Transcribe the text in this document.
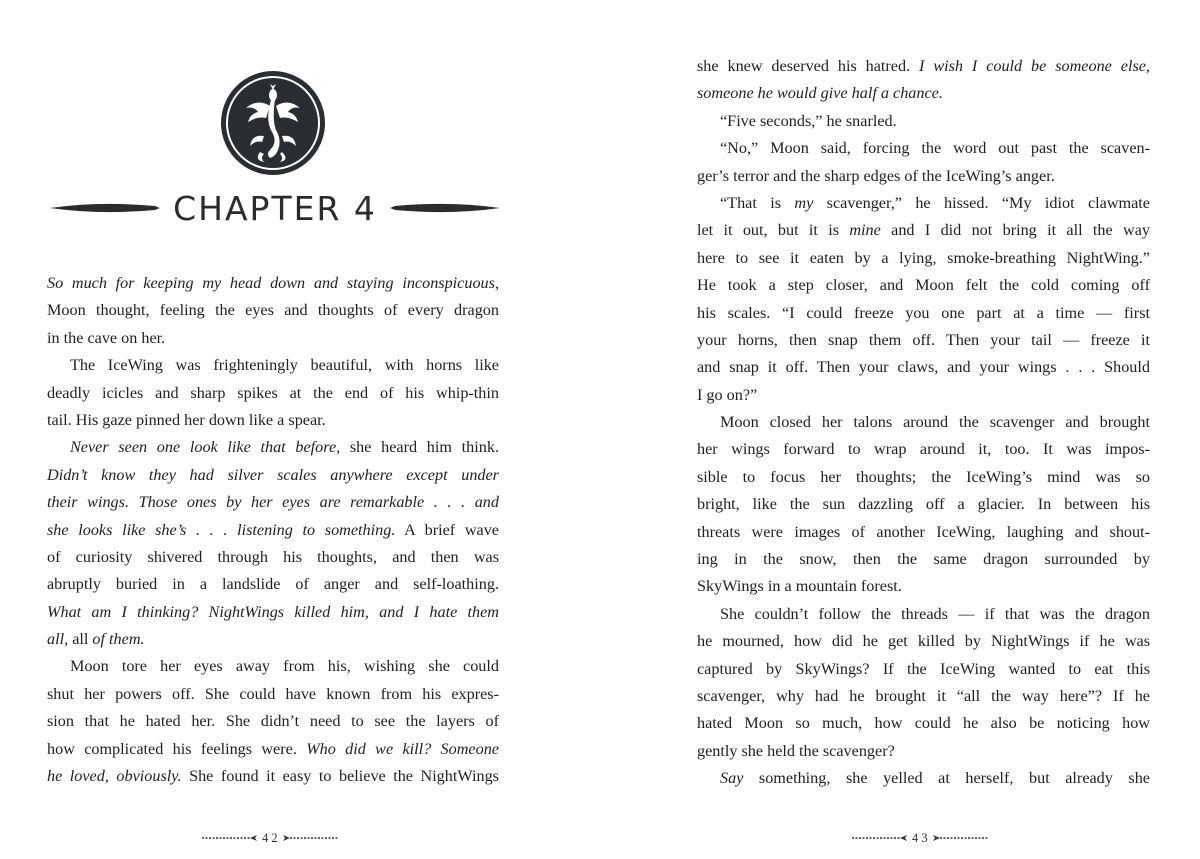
CHAPTER 4
So much for keeping my head down and staying inconspicuous,
Moon thought, feeling the eyes and thoughts of every dragon
in the cave on her.
The IceWing was frighteningly beautiful, with horns like
deadly icicles and sharp spikes at the end of his whip-thin
tail. His gaze pinned her down like a spear.
Never seen one look like that before, she heard him think.
Didn’t know they had silver scales anywhere except under
their wings. Those ones by her eyes are remarkable . . . and
she looks like she’s . . . listening to something. A brief wave
of curiosity shivered through his thoughts, and then was
abruptly buried in a landslide of anger and self-loathing.
What am I thinking? NightWings killed him, and I hate them
all, all of them.
Moon tore her eyes away from his, wishing she could
shut her powers off. She could have known from his expres-
sion that he hated her. She didn’t need to see the layers of
how complicated his feelings were. Who did we kill? Someone
he loved, obviously. She found it easy to believe the NightWings
4 2	4 3
she knew deserved his hatred. I wish I could be someone else,
someone he would give half a chance.
“Five seconds,” he snarled.
“No,” Moon said, forcing the word out past the scaven-
ger’s terror and the sharp edges of the IceWing’s anger.
“That is my scavenger,” he hissed. “My idiot clawmate
let it out, but it is mine and I did not bring it all the way
here to see it eaten by a lying, smoke-breathing NightWing.”
He took a step closer, and Moon felt the cold coming off
his scales. “I could freeze you one part at a time — first
your horns, then snap them off. Then your tail — freeze it
and snap it off. Then your claws, and your wings . . . Should
I go on?”
Moon closed her talons around the scavenger and brought
her wings forward to wrap around it, too. It was impos-
sible to focus her thoughts; the IceWing’s mind was so
bright, like the sun dazzling off a glacier. In between his
threats were images of another IceWing, laughing and shout-
ing in the snow, then the same dragon surrounded by
SkyWings in a mountain forest.
She couldn’t follow the threads — if that was the dragon
he mourned, how did he get killed by NightWings if he was
captured by SkyWings? If the IceWing wanted to eat this
scavenger, why had he brought it “all the way here”? If he
hated Moon so much, how could he also be noticing how
gently she held the scavenger?
Say something, she yelled at herself, but already she
